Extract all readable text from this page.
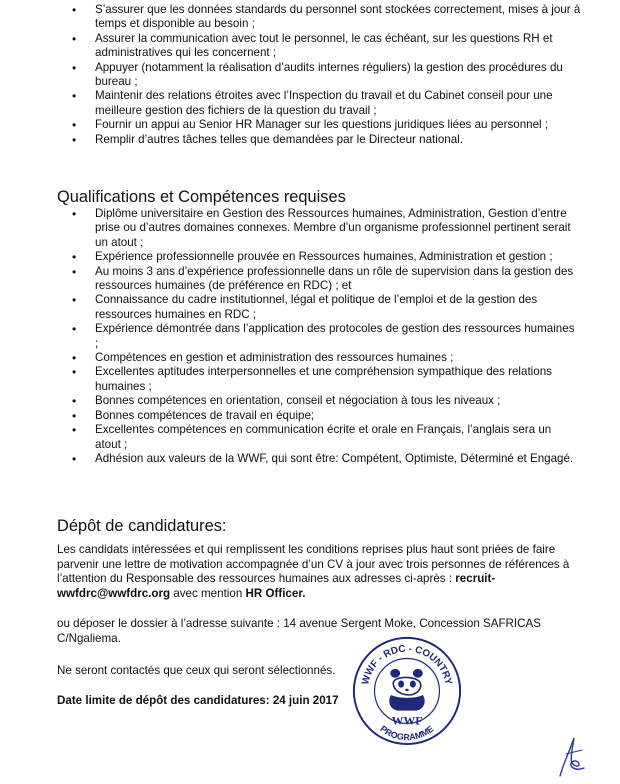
• S’assurer que les données standards du personnel sont stockées correctement, mises à jour à temps et disponible au besoin ;
• Assurer la communication avec tout le personnel, le cas échéant, sur les questions RH et administratives qui les concernent ;
• Appuyer (notamment la réalisation d’audits internes réguliers) la gestion des procédures du bureau ;
• Maintenir des relations étroites avec l’Inspection du travail et du Cabinet conseil pour une meilleure gestion des fichiers de la question du travail ;
• Fournir un appui au Senior HR Manager sur les questions juridiques liées au personnel ;
• Remplir d’autres tâches telles que demandées par le Directeur national.
Qualifications et Compétences requises
• Diplôme universitaire en Gestion des Ressources humaines, Administration, Gestion d’entre prise ou d’autres domaines connexes. Membre d’un organisme professionnel pertinent serait un atout ;
• Expérience professionnelle prouvée en Ressources humaines, Administration et gestion ;
• Au moins 3 ans d’expérience professionnelle dans un rôle de supervision dans la gestion des ressources humaines (de préférence en RDC) ; et
• Connaissance du cadre institutionnel, légal et politique de l’emploi et de la gestion des ressources humaines en RDC ;
• Expérience démontrée dans l’application des protocoles de gestion des ressources humaines ;
• Compétences en gestion et administration des ressources humaines ;
• Excellentes aptitudes interpersonnelles et une compréhension sympathique des relations humaines ;
• Bonnes compétences en orientation, conseil et négociation à tous les niveaux ;
• Bonnes compétences de travail en équipe;
• Excellentes compétences en communication écrite et orale en Français, l’anglais sera un atout ;
• Adhésion aux valeurs de la WWF, qui sont être: Compétent, Optimiste, Déterminé et Engagé.
Dépôt de candidatures:

Les candidats intéressées et qui remplissent les conditions reprises plus haut sont priées de faire parvenir une lettre de motivation accompagnée d’un CV à jour avec trois personnes de références à l’attention du Responsable des ressources humaines aux adresses ci-après : recruit-wwfdrc@wwfdrc.org avec mention HR Officer.

ou déposer le dossier à l’adresse suivante : 14 avenue Sergent Moke, Concession SAFRICAS C/Ngaliema.

Ne seront contactés que ceux qui seront sélectionnés.

Date limite de dépôt des candidatures: 24 juin 2017

WWF - RDC - COUNTRY
PROGRAMME
WWF
